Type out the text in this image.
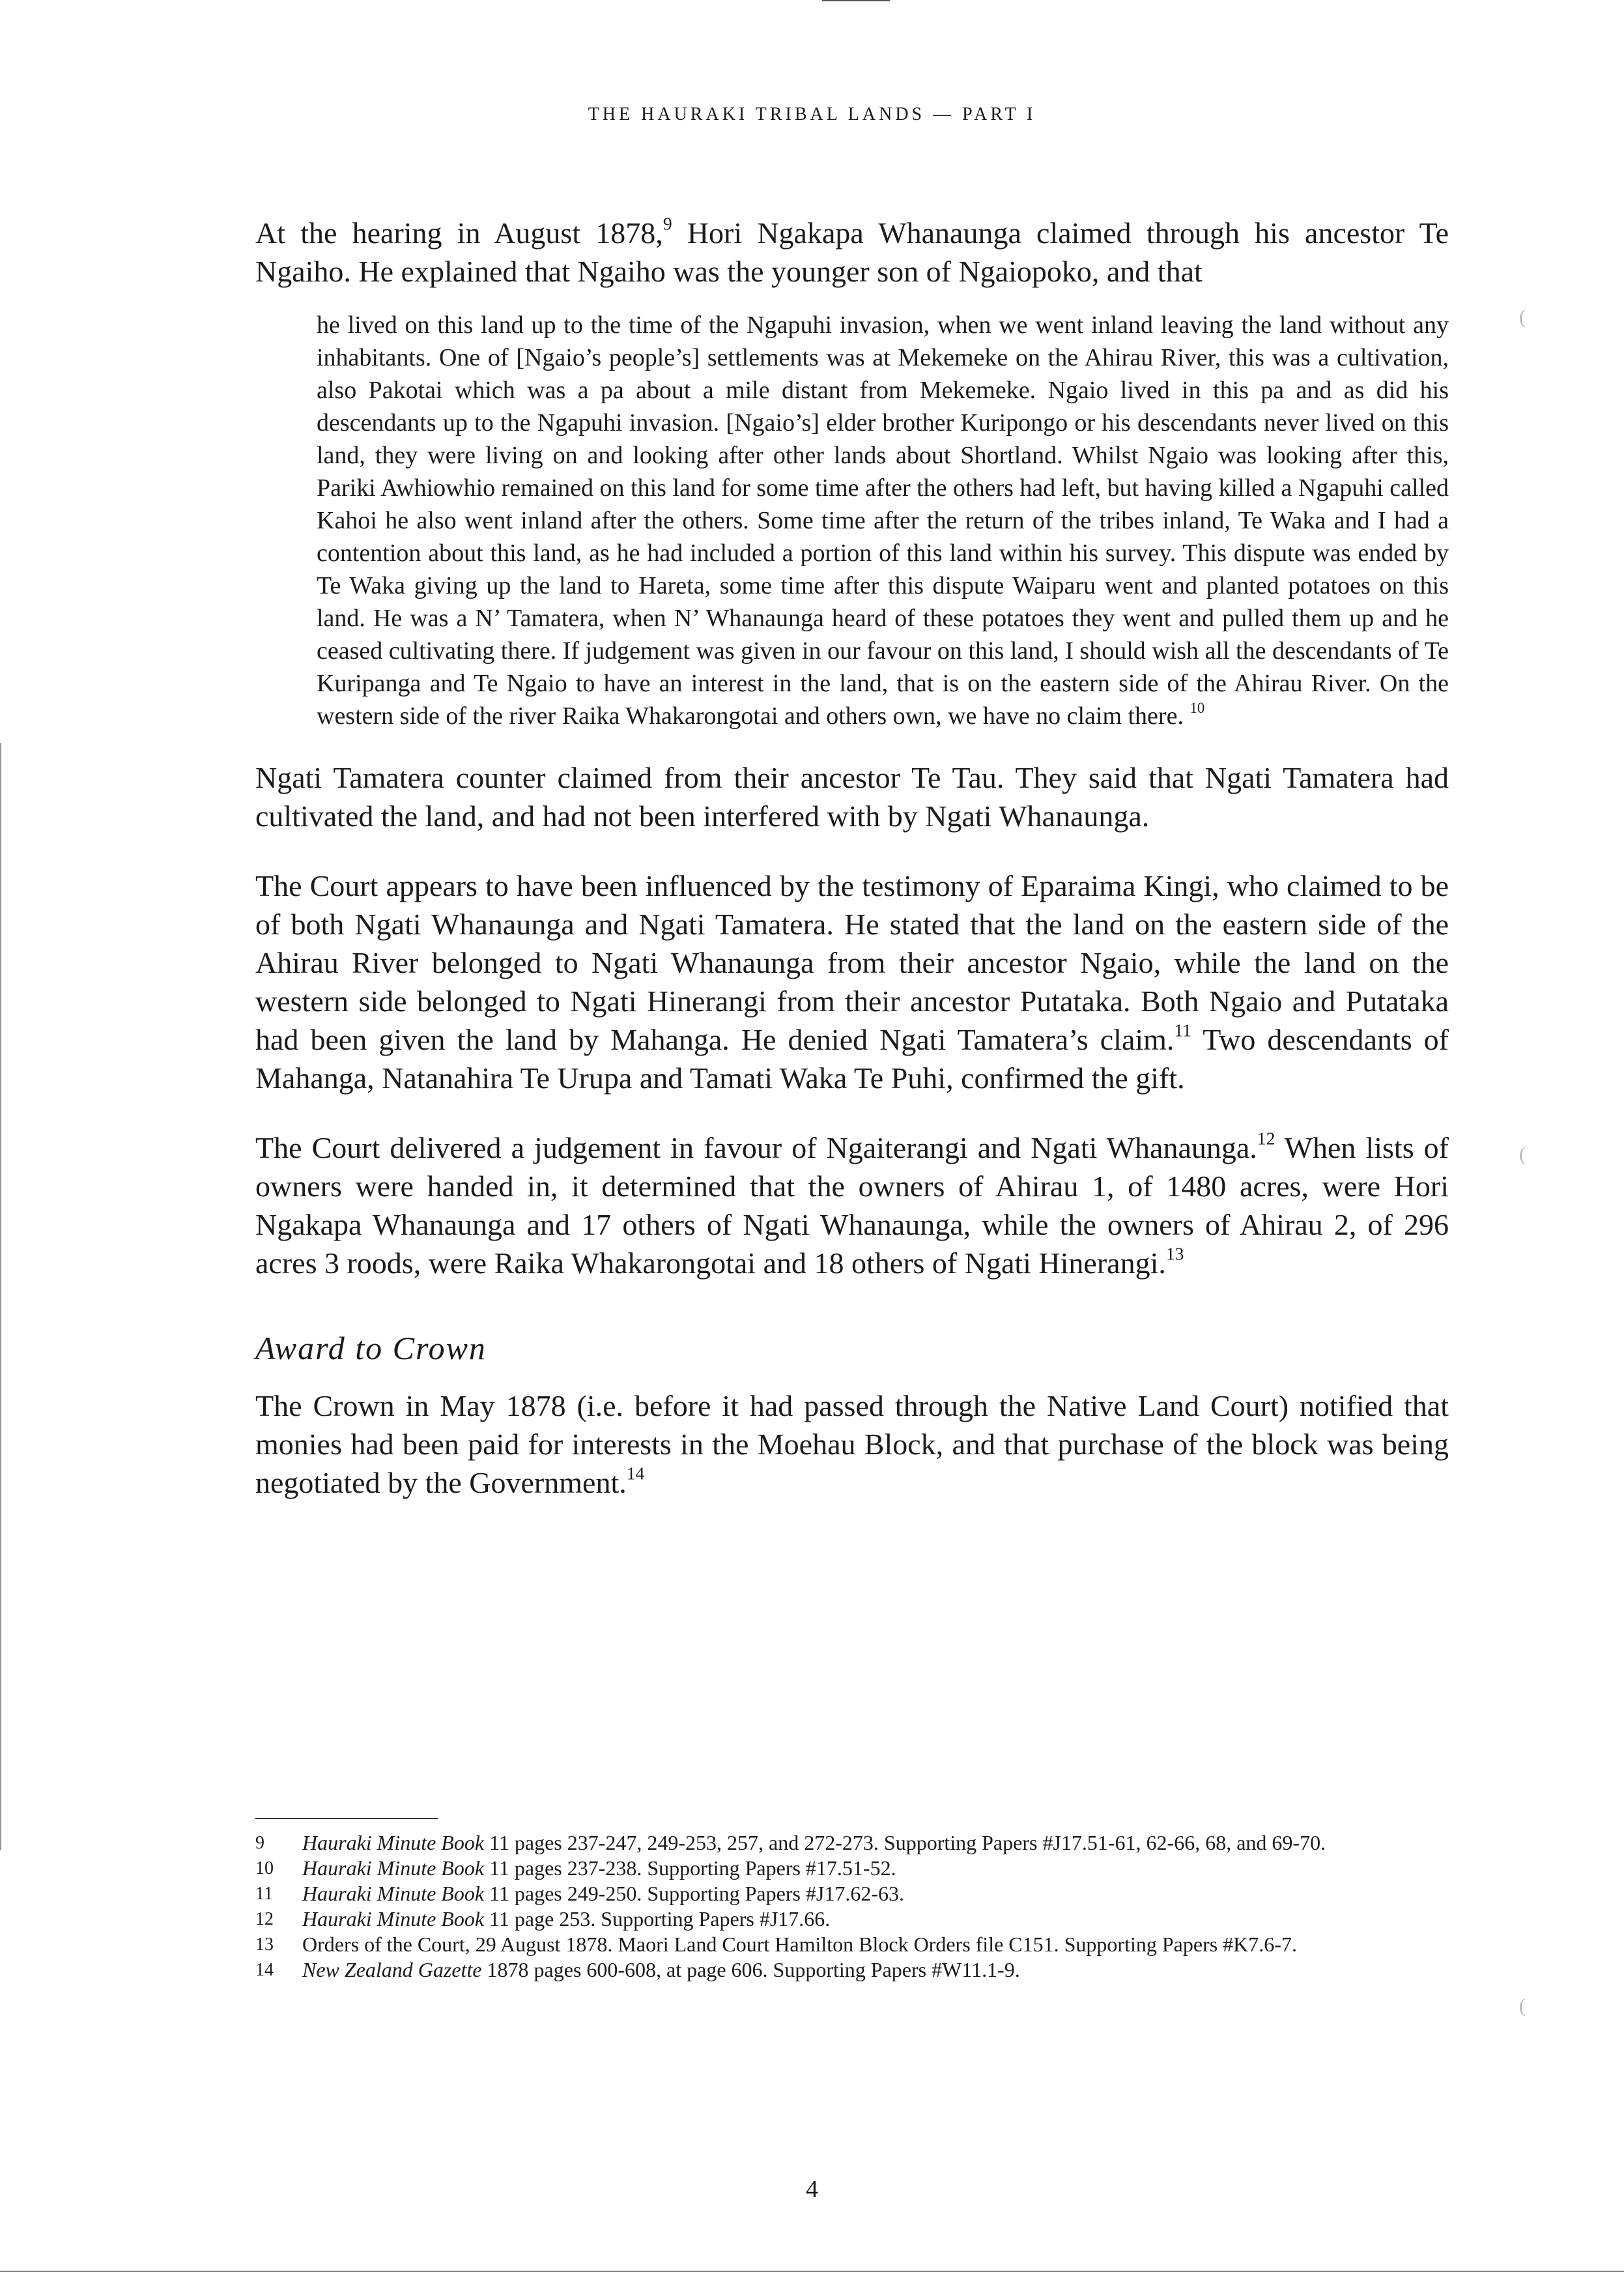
(
(
(
THE HAURAKI TRIBAL LANDS — PART I

At the hearing in August 1878,$^9$ Hori Ngakapa Whanaunga claimed through his ancestor Te Ngaiho. He explained that Ngaiho was the younger son of Ngaiopoko, and that

he lived on this land up to the time of the Ngapuhi invasion, when we went inland leaving the land without any inhabitants. One of [Ngaio’s people’s] settlements was at Mekemeke on the Ahirau River, this was a cultivation, also Pakotai which was a pa about a mile distant from Mekemeke. Ngaio lived in this pa and as did his descendants up to the Ngapuhi invasion. [Ngaio’s] elder brother Kuripongo or his descendants never lived on this land, they were living on and looking after other lands about Shortland. Whilst Ngaio was looking after this, Pariki Awhiowhio remained on this land for some time after the others had left, but having killed a Ngapuhi called Kahoi he also went inland after the others. Some time after the return of the tribes inland, Te Waka and I had a contention about this land, as he had included a portion of this land within his survey. This dispute was ended by Te Waka giving up the land to Hareta, some time after this dispute Waiparu went and planted potatoes on this land. He was a N’ Tamatera, when N’ Whanaunga heard of these potatoes they went and pulled them up and he ceased cultivating there. If judgement was given in our favour on this land, I should wish all the descendants of Te Kuripanga and Te Ngaio to have an interest in the land, that is on the eastern side of the Ahirau River. On the western side of the river Raika Whakarongotai and others own, we have no claim there. $^{10}$

Ngati Tamatera counter claimed from their ancestor Te Tau. They said that Ngati Tamatera had cultivated the land, and had not been interfered with by Ngati Whanaunga.

The Court appears to have been influenced by the testimony of Eparaima Kingi, who claimed to be of both Ngati Whanaunga and Ngati Tamatera. He stated that the land on the eastern side of the Ahirau River belonged to Ngati Whanaunga from their ancestor Ngaio, while the land on the western side belonged to Ngati Hinerangi from their ancestor Putataka. Both Ngaio and Putataka had been given the land by Mahanga. He denied Ngati Tamatera’s claim.$^{11}$ Two descendants of Mahanga, Natanahira Te Urupa and Tamati Waka Te Puhi, confirmed the gift.

The Court delivered a judgement in favour of Ngaiterangi and Ngati Whanaunga.$^{12}$ When lists of owners were handed in, it determined that the owners of Ahirau 1, of 1480 acres, were Hori Ngakapa Whanaunga and 17 others of Ngati Whanaunga, while the owners of Ahirau 2, of 296 acres 3 roods, were Raika Whakarongotai and 18 others of Ngati Hinerangi.$^{13}$

Award to Crown

The Crown in May 1878 (i.e. before it had passed through the Native Land Court) notified that monies had been paid for interests in the Moehau Block, and that purchase of the block was being negotiated by the Government.$^{14}$

9	Hauraki Minute Book 11 pages 237-247, 249-253, 257, and 272-273. Supporting Papers #J17.51-61, 62-66, 68, and 69-70.
10	Hauraki Minute Book 11 pages 237-238. Supporting Papers #17.51-52.
11	Hauraki Minute Book 11 pages 249-250. Supporting Papers #J17.62-63.
12	Hauraki Minute Book 11 page 253. Supporting Papers #J17.66.
13	Orders of the Court, 29 August 1878. Maori Land Court Hamilton Block Orders file C151. Supporting Papers #K7.6-7.
14	New Zealand Gazette 1878 pages 600-608, at page 606. Supporting Papers #W11.1-9.
4
